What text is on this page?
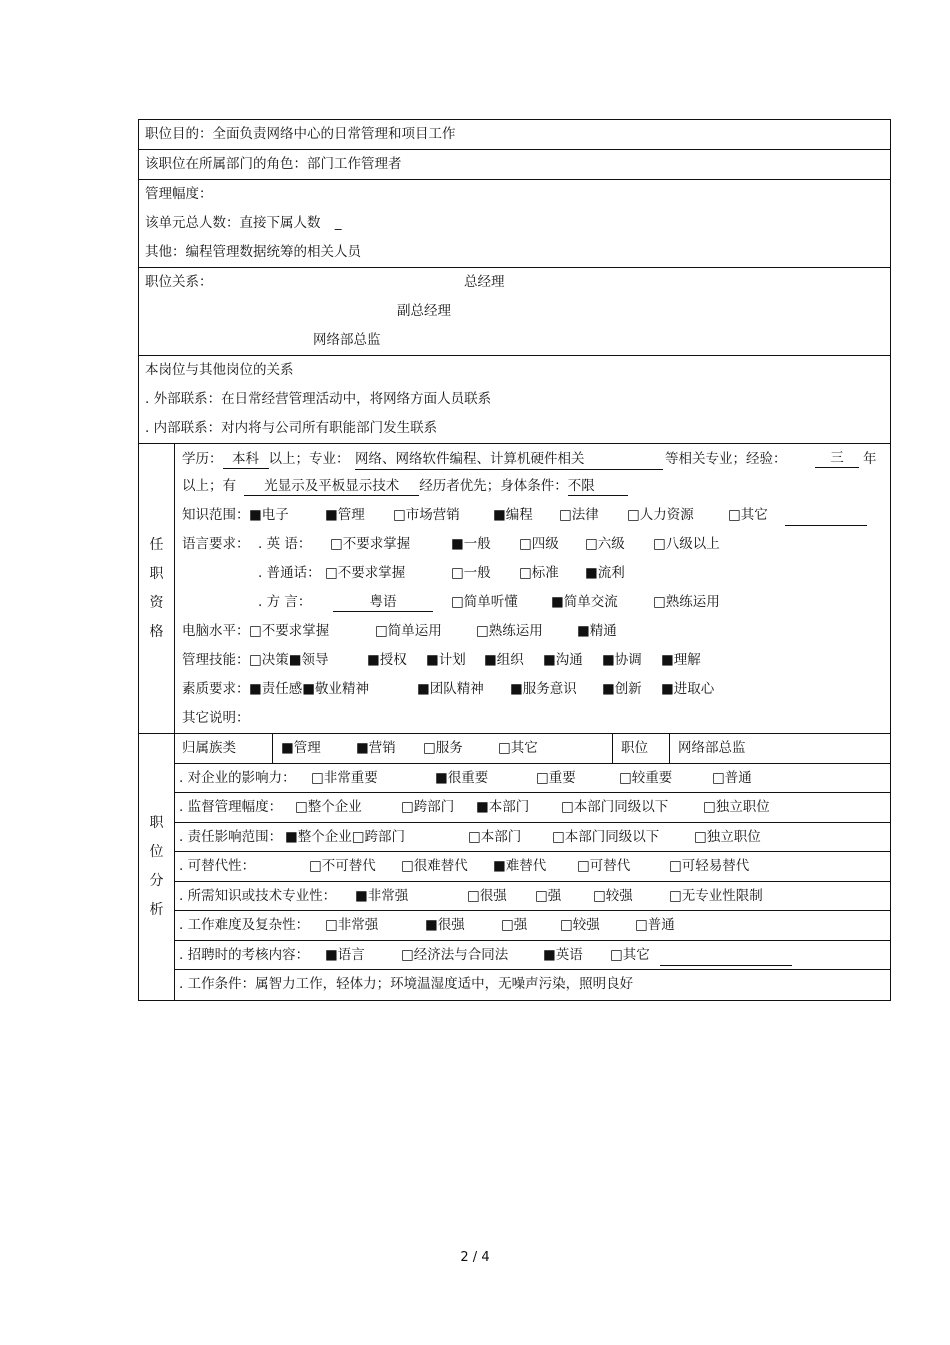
职位目的：全面负责网络中心的日常管理和项目工作
该职位在所属部门的角色：部门工作管理者
管理幅度：
该单元总人数：直接下属人数 _
其他：编程管理数据统筹的相关人员
职位关系：	总经理
副总经理
网络部总监
本岗位与其他岗位的关系
. 外部联系：在日常经营管理活动中，将网络方面人员联系
. 内部联系：对内将与公司所有职能部门发生联系
任
职
资
格
学历： 本科 以上；专业： 网络、网络软件编程、计算机硬件相关	等相关专业；经验：	三	年
以上；有 光显示及平板显示技术 经历者优先；身体条件：不限
知识范围： ■电子	■管理 □市场营销 ■编程 □法律 □人力资源	□其它
语言要求： . 英 语： □不要求掌握	■一般 □四级 □六级 □八级以上
. 普通话： □不要求掌握	□一般 □标准 ■流利
. 方 言：	粤语	□简单听懂 ■简单交流	□熟练运用
电脑水平： □不要求掌握	□简单运用	□熟练运用	■精通
管理技能： □决策■领导	■授权 ■计划 ■组织 ■沟通 ■协调 ■理解
素质要求： ■责任感■敬业精神	■团队精神 ■服务意识 ■创新 ■进取心
其它说明：
职
位
分
析
归属族类	■管理	■营销 □服务	□其它	职位 网络部总监
. 对企业的影响力： □非常重要	■很重要	□重要	□较重要	□普通
. 监督管理幅度： □整个企业	□跨部门 ■本部门 □本部门同级以下	□独立职位
. 责任影响范围： ■整个企业□跨部门	□本部门 □本部门同级以下	□独立职位
. 可替代性：	□不可替代 □很难替代 ■难替代 □可替代	□可轻易替代
. 所需知识或技术专业性： ■非常强	□很强 □强 □较强	□无专业性限制
. 工作难度及复杂性： □非常强	■很强	□强 □较强	□普通
. 招聘时的考核内容： ■语言	□经济法与合同法	■英语 □其它
. 工作条件：属智力工作，轻体力；环境温湿度适中，无噪声污染，照明良好
2 / 4
